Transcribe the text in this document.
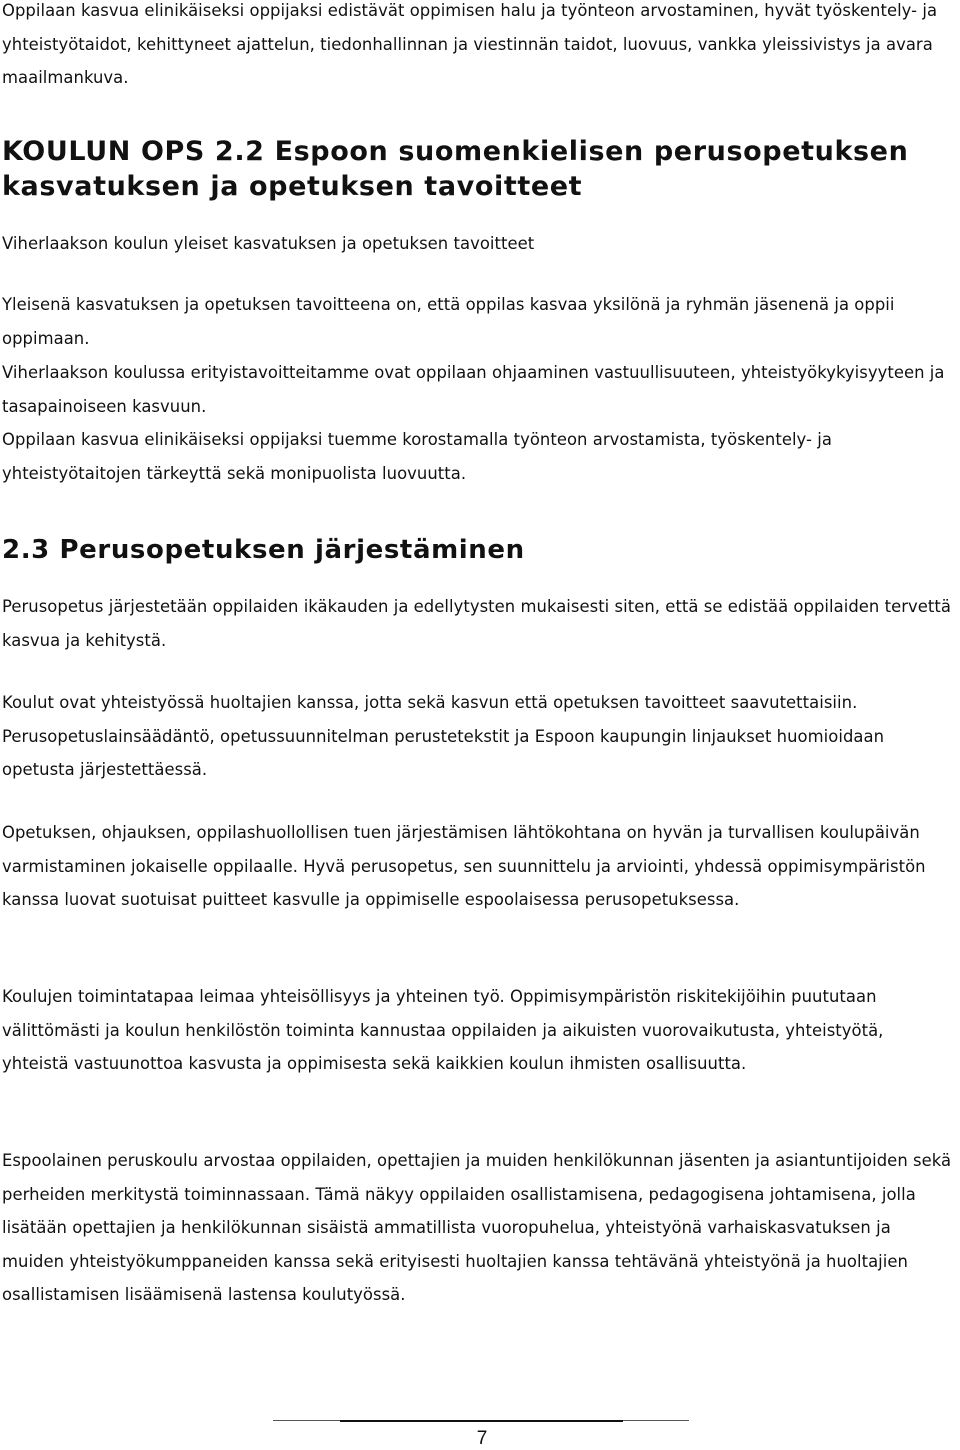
Oppilaan kasvua elinikäiseksi oppijaksi edistävät oppimisen halu ja työnteon arvostaminen, hyvät työskentely- ja yhteistyötaidot, kehittyneet ajattelun, tiedonhallinnan ja viestinnän taidot, luovuus, vankka yleissivistys ja avara maailmankuva.

KOULUN OPS 2.2 Espoon suomenkielisen perusopetuksen kasvatuksen ja opetuksen tavoitteet

Viherlaakson koulun yleiset kasvatuksen ja opetuksen tavoitteet

Yleisenä kasvatuksen ja opetuksen tavoitteena on, että oppilas kasvaa yksilönä ja ryhmän jäsenenä ja oppii oppimaan.

Viherlaakson koulussa erityistavoitteitamme ovat oppilaan ohjaaminen vastuullisuuteen, yhteistyökykyisyyteen ja tasapainoiseen kasvuun.

Oppilaan kasvua elinikäiseksi oppijaksi tuemme korostamalla työnteon arvostamista, työskentely- ja yhteistyötaitojen tärkeyttä sekä monipuolista luovuutta.

2.3 Perusopetuksen järjestäminen

Perusopetus järjestetään oppilaiden ikäkauden ja edellytysten mukaisesti siten, että se edistää oppilaiden tervettä kasvua ja kehitystä.

Koulut ovat yhteistyössä huoltajien kanssa, jotta sekä kasvun että opetuksen tavoitteet saavutettaisiin. Perusopetuslainsäädäntö, opetussuunnitelman perustetekstit ja Espoon kaupungin linjaukset huomioidaan opetusta järjestettäessä.

Opetuksen, ohjauksen, oppilashuollollisen tuen järjestämisen lähtökohtana on hyvän ja turvallisen koulupäivän varmistaminen jokaiselle oppilaalle. Hyvä perusopetus, sen suunnittelu ja arviointi, yhdessä oppimisympäristön kanssa luovat suotuisat puitteet kasvulle ja oppimiselle espoolaisessa perusopetuksessa.

Koulujen toimintatapaa leimaa yhteisöllisyys ja yhteinen työ. Oppimisympäristön riskitekijöihin puututaan välittömästi ja koulun henkilöstön toiminta kannustaa oppilaiden ja aikuisten vuorovaikutusta, yhteistyötä, yhteistä vastuunottoa kasvusta ja oppimisesta sekä kaikkien koulun ihmisten osallisuutta.

Espoolainen peruskoulu arvostaa oppilaiden, opettajien ja muiden henkilökunnan jäsenten ja asiantuntijoiden sekä perheiden merkitystä toiminnassaan. Tämä näkyy oppilaiden osallistamisena, pedagogisena johtamisena, jolla lisätään opettajien ja henkilökunnan sisäistä ammatillista vuoropuhelua, yhteistyönä varhaiskasvatuksen ja muiden yhteistyökumppaneiden kanssa sekä erityisesti huoltajien kanssa tehtävänä yhteistyönä ja huoltajien osallistamisen lisäämisenä lastensa koulutyössä.

7
